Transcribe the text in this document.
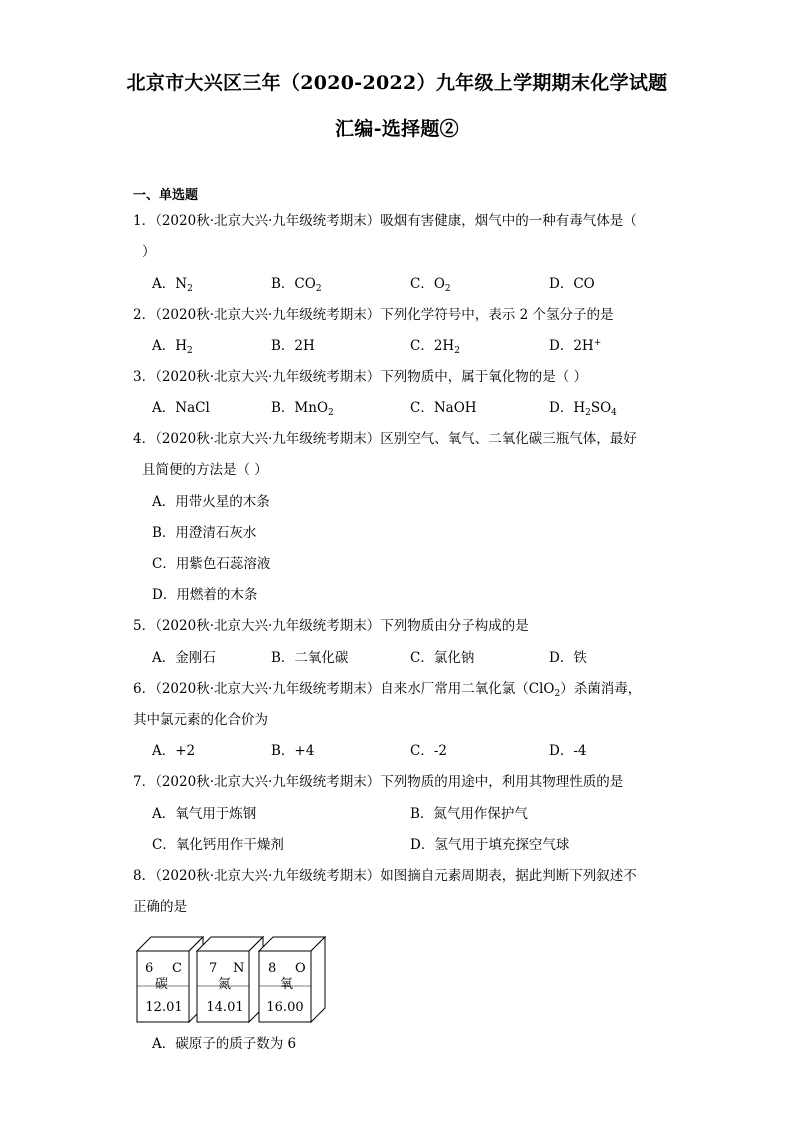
北京市大兴区三年（2020-2022）九年级上学期期末化学试题
汇编-选择题②
一、单选题
1．（2020秋·北京大兴·九年级统考期末）吸烟有害健康，烟气中的一种有毒气体是（
）
A．$N_2$	B．$CO_2$	C．$O_2$	D．CO
2．（2020秋·北京大兴·九年级统考期末）下列化学符号中，表示 2 个氢分子的是
A．$H_2$	B．2H	C．$2H_2$	D．2H+
3．（2020秋·北京大兴·九年级统考期末）下列物质中，属于氧化物的是（ ）
A．NaCl	B．MnO$_2$	C．NaOH	D．$H_2SO_4$
4．（2020秋·北京大兴·九年级统考期末）区别空气、氧气、二氧化碳三瓶气体，最好
且简便的方法是（ ）
A．用带火星的木条
B．用澄清石灰水
C．用紫色石蕊溶液
D．用燃着的木条
5．（2020秋·北京大兴·九年级统考期末）下列物质由分子构成的是
A．金刚石	B．二氧化碳	C．氯化钠	D．铁
6．（2020秋·北京大兴·九年级统考期末）自来水厂常用二氧化氯（ClO$_2$）杀菌消毒，
其中氯元素的化合价为
A．+2	B．+4	C．-2	D．-4
7．（2020秋·北京大兴·九年级统考期末）下列物质的用途中，利用其物理性质的是
A．氧气用于炼钢	B．氮气用作保护气
C．氧化钙用作干燥剂	D．氢气用于填充探空气球
8．（2020秋·北京大兴·九年级统考期末）如图摘自元素周期表，据此判断下列叙述不
正确的是
6 C
碳
12.01
7 N
氮
14.01
8 O
氧
16.00
A．碳原子的质子数为 6
